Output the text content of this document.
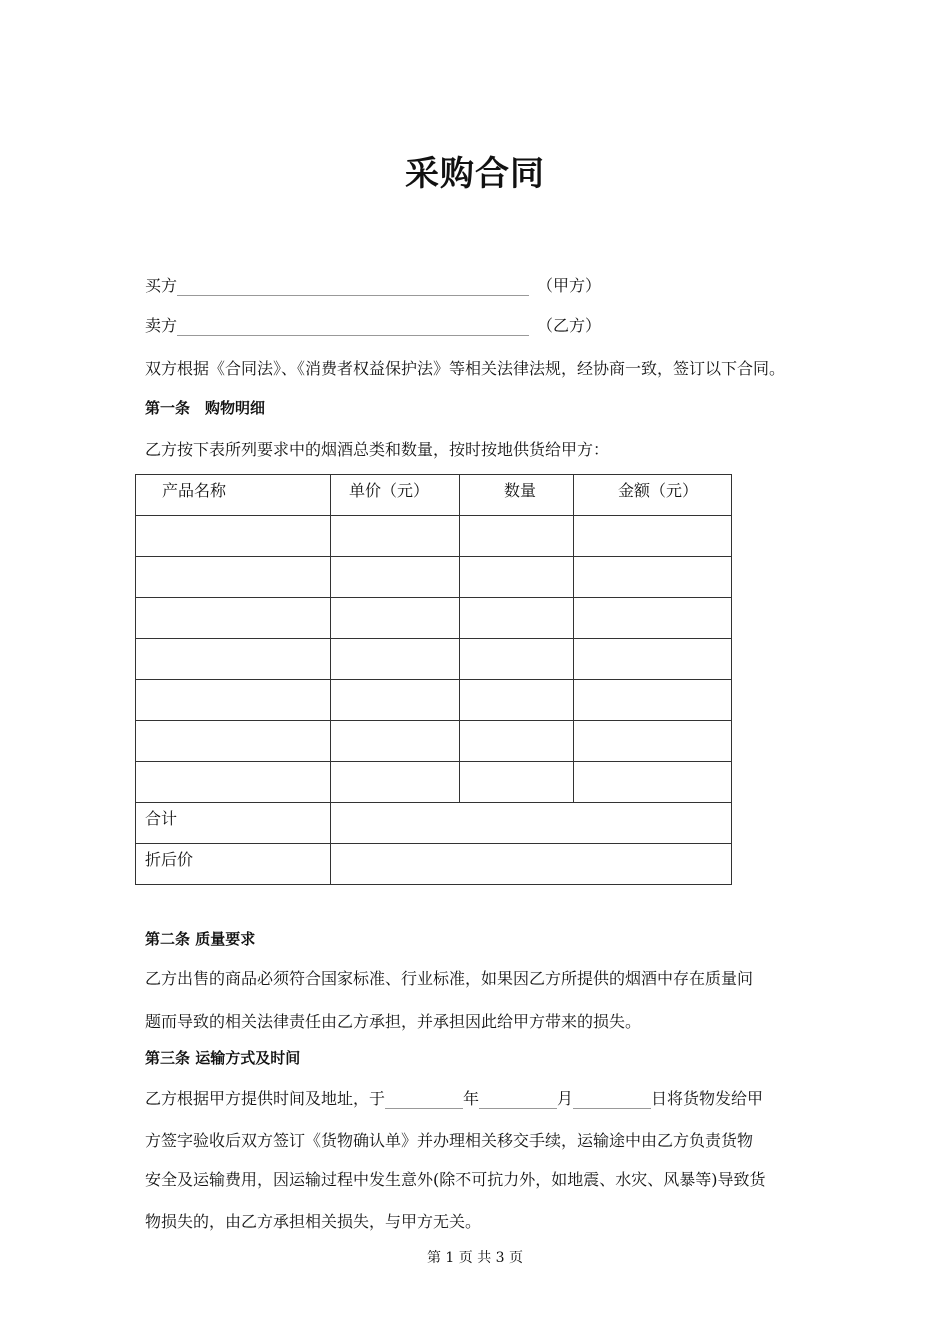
采购合同
买方	（甲方）
卖方	（乙方）
双方根据《合同法》、《消费者权益保护法》等相关法律法规，经协商一致，签订以下合同。
第一条　购物明细
乙方按下表所列要求中的烟酒总类和数量，按时按地供货给甲方：
产品名称	单价（元）	数量	金额（元）

合计			

折后价			

第二条 质量要求
乙方出售的商品必须符合国家标准、行业标准，如果因乙方所提供的烟酒中存在质量问
题而导致的相关法律责任由乙方承担，并承担因此给甲方带来的损失。
第三条 运输方式及时间
乙方根据甲方提供时间及地址，于	年	月	日将货物发给甲
方签字验收后双方签订《货物确认单》并办理相关移交手续，运输途中由乙方负责货物
安全及运输费用，因运输过程中发生意外(除不可抗力外，如地震、水灾、风暴等)导致货
物损失的，由乙方承担相关损失，与甲方无关。
第 1 页 共 3 页
